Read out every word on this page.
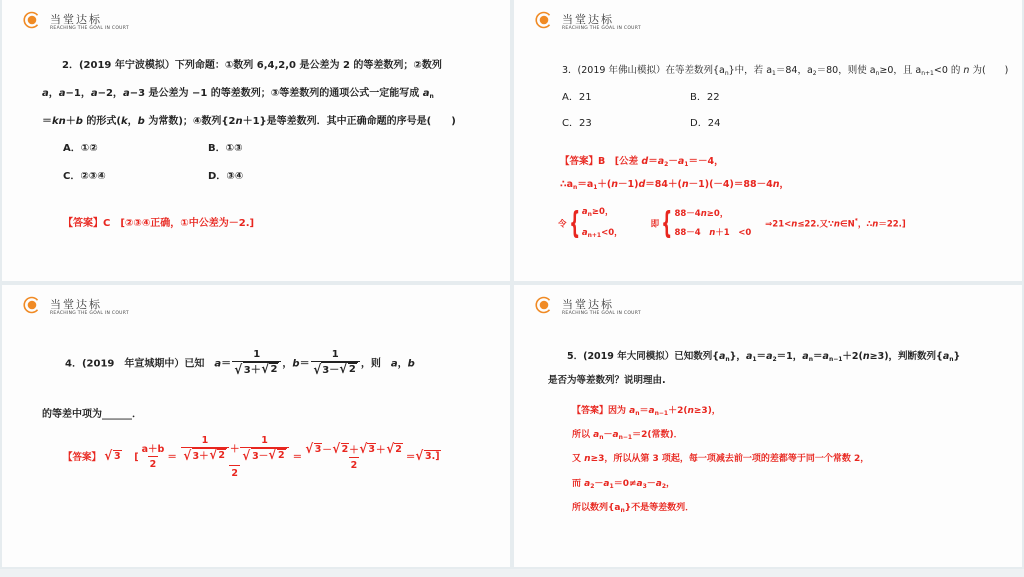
当堂达标
REACHING THE GOAL IN COURT
2．(2019 年宁波模拟）下列命题：①数列 6,4,2,0 是公差为 2 的等差数列；②数列
a，a−1，a−2，a−3 是公差为 −1 的等差数列；③等差数列的通项公式一定能写成 $a_n$
＝kn＋b 的形式(k，b 为常数)；④数列{2n＋1}是等差数列．其中正确命题的序号是(　　)
A．①②	B．①③
C．②③④	D．③④
【答案】C　[②③④正确，①中公差为－2.]
当堂达标
REACHING THE GOAL IN COURT
3．(2019 年佛山模拟）在等差数列$\{a_n\}$中，若 $a_1=84$，$a_2=80$，则使 $a_n\ge 0$，且 $a_{n+1}<0$ 的 n 为(　　)
A．21	B．22
C．23	D．24
【答案】B　[公差 $d=a_2-a_1=-4$，
$\therefore a_n=a_1+(n-1)d=84+(n-1)(-4)=88-4n$，
令{ $a_n\ge 0$，
$a_{n+1}<0$，
即{ 88－4n≥0，
88－4　n＋1　<0
⇒21<n≤22.又∵n∈N*，∴n＝22.]
当堂达标
REACHING THE GOAL IN COURT
4．(2019　年宣城期中）已知　$a= \frac{1}{√ 3+ √ 2}$ ，$b= \frac{1}{√ 3- √ 2}$ ，则　a，b
的等差中项为______．
【答案】 √ 3 [ $\frac{a+b}{2} = \frac{\frac{1}{√ 3+ √ 2} + \frac{1}{√ 3- √ 2}}{2} = \frac{√ 3 - √ 2 + √ 3 + √ 2}{2}$ ＝ √ 3.]
当堂达标
REACHING THE GOAL IN COURT
5．(2019 年大同模拟）已知数列$\{a_n\}$，$a_1=a_2=1$，$a_n=a_{n-1}+2(n\ge 3)$，判断数列$\{a_n\}$
是否为等差数列？说明理由.
【答案】因为 $a_n=a_{n-1}+2(n\ge 3)$，
所以 $a_n-a_{n-1}=2$(常数)．
又 n≥3，所以从第 3 项起，每一项减去前一项的差都等于同一个常数 2，
而 $a_2-a_1=0\ne a_3-a_2$，
所以数列$\{a_n\}$不是等差数列．
